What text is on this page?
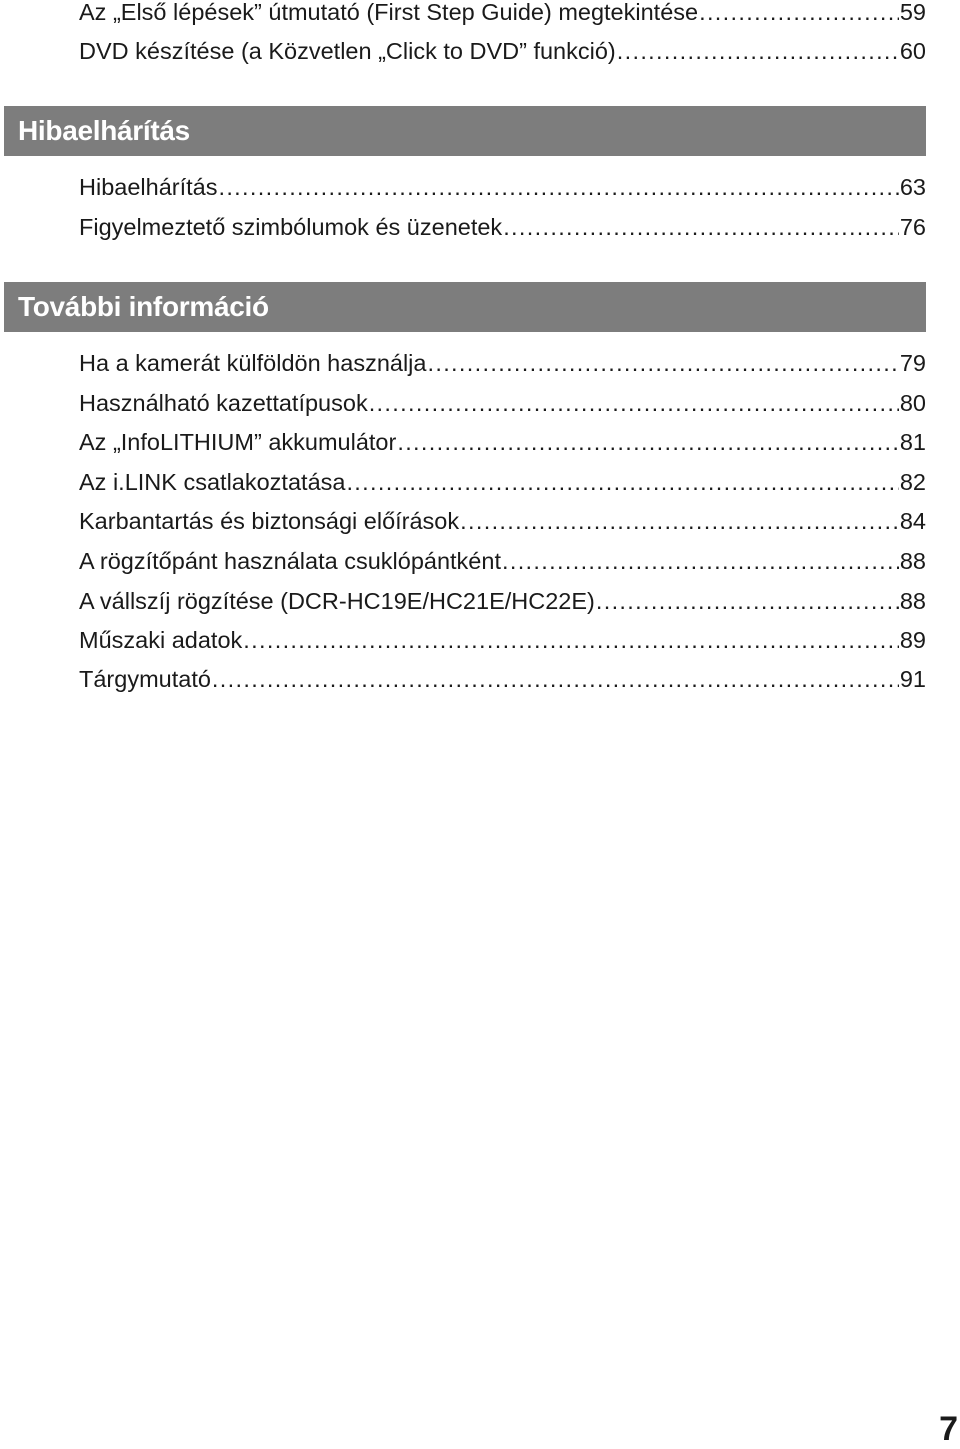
Az „Első lépések” útmutató (First Step Guide) megtekintése . . .	59
DVD készítése (a Közvetlen „Click to DVD” funkció) . . .	60
Hibaelhárítás
Hibaelhárítás . . .	63
Figyelmeztető szimbólumok és üzenetek . . .	76
További információ
Ha a kamerát külföldön használja . . .	79
Használható kazettatípusok . . .	80
Az „InfoLITHIUM” akkumulátor . . .	81
Az i.LINK csatlakoztatása . . .	82
Karbantartás és biztonsági előírások . . .	84
A rögzítőpánt használata csuklópántként . . .	88
A vállszíj rögzítése (DCR-HC19E/HC21E/HC22E) . . .	88
Műszaki adatok . . .	89
Tárgymutató . . .	91
7
